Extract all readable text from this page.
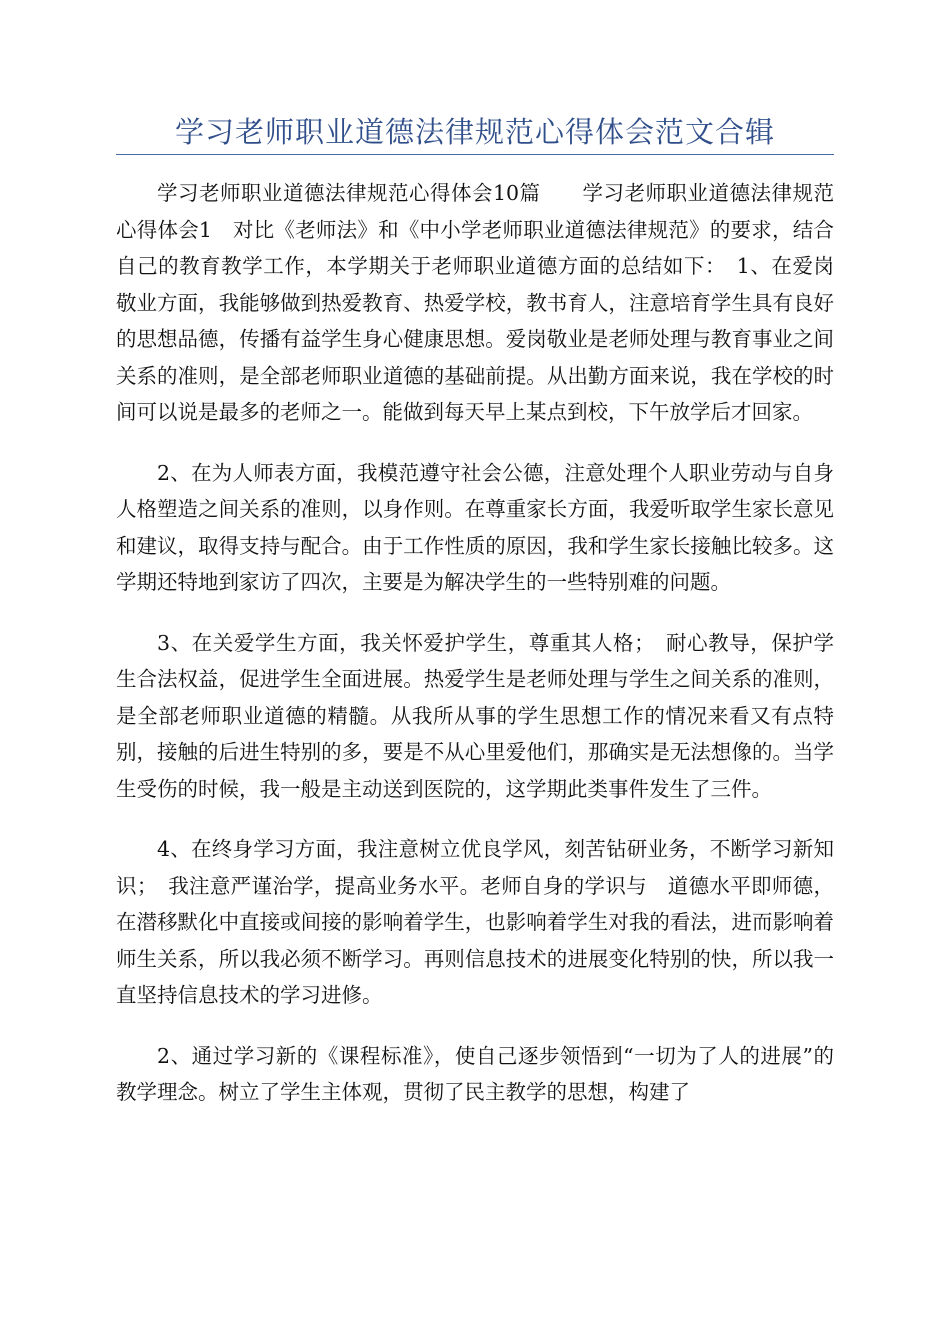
学习老师职业道德法律规范心得体会范文合辑

学习老师职业道德法律规范心得体会10篇　　学习老师职业道德法律规范心得体会1　对比《老师法》和《中小学老师职业道德法律规范》的要求，结合自己的教育教学工作，本学期关于老师职业道德方面的总结如下：　1、在爱岗敬业方面，我能够做到热爱教育、热爱学校，教书育人，注意培育学生具有良好的思想品德，传播有益学生身心健康思想。爱岗敬业是老师处理与教育事业之间关系的准则，是全部老师职业道德的基础前提。从出勤方面来说，我在学校的时间可以说是最多的老师之一。能做到每天早上某点到校，下午放学后才回家。

2、在为人师表方面，我模范遵守社会公德，注意处理个人职业劳动与自身人格塑造之间关系的准则，以身作则。在尊重家长方面，我爱听取学生家长意见和建议，取得支持与配合。由于工作性质的原因，我和学生家长接触比较多。这学期还特地到家访了四次，主要是为解决学生的一些特别难的问题。

3、在关爱学生方面，我关怀爱护学生，尊重其人格；　耐心教导，保护学生合法权益，促进学生全面进展。热爱学生是老师处理与学生之间关系的准则，是全部老师职业道德的精髓。从我所从事的学生思想工作的情况来看又有点特别，接触的后进生特别的多，要是不从心里爱他们，那确实是无法想像的。当学生受伤的时候，我一般是主动送到医院的，这学期此类事件发生了三件。

4、在终身学习方面，我注意树立优良学风，刻苦钻研业务，不断学习新知识；　我注意严谨治学，提高业务水平。老师自身的学识与　道德水平即师德，在潜移默化中直接或间接的影响着学生，也影响着学生对我的看法，进而影响着师生关系，所以我必须不断学习。再则信息技术的进展变化特别的快，所以我一直坚持信息技术的学习进修。

2、通过学习新的《课程标准》，使自己逐步领悟到“一切为了人的进展”的教学理念。树立了学生主体观，贯彻了民主教学的思想，构建了
